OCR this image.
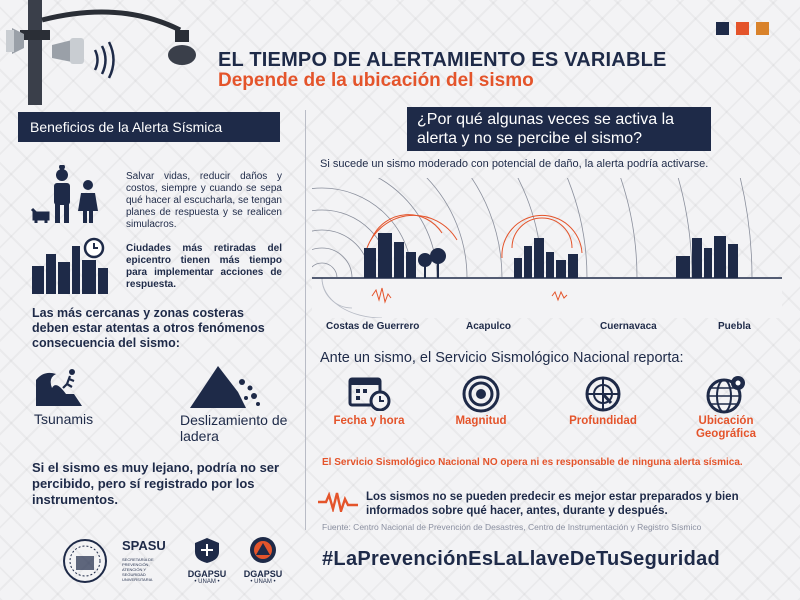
EL TIEMPO DE ALERTAMIENTO ES VARIABLE
Depende de la ubicación del sismo
Beneficios de la Alerta Sísmica
Salvar vidas, reducir daños y costos, siempre y cuando se sepa qué hacer al escucharla, se tengan planes de respuesta y se realicen simulacros.
Ciudades más retiradas del epicentro tienen más tiempo para implementar acciones de respuesta.
Las más cercanas y zonas costeras deben estar atentas a otros fenómenos consecuencia del sismo:
Tsunamis	Deslizamiento de ladera
Si el sismo es muy lejano, podría no ser percibido, pero sí registrado por los instrumentos.
SPASU
SECRETARÍA DE PREVENCIÓN, ATENCIÓN Y SEGURIDAD UNIVERSITARIA
DGAPSU
• UNAM •
DGAPSU
• UNAM •
¿Por qué algunas veces se activa la alerta y no se percibe el sismo?
Si sucede un sismo moderado con potencial de daño, la alerta podría activarse.
Costas de Guerrero	Acapulco	Cuernavaca	Puebla
Ante un sismo, el Servicio Sismológico Nacional reporta:
Fecha y hora	Magnitud	Profundidad	Ubicación Geográfica
El Servicio Sismológico Nacional NO opera ni es responsable de ninguna alerta sísmica.
Los sismos no se pueden predecir es mejor estar preparados y bien informados sobre qué hacer, antes, durante y después.
Fuente: Centro Nacional de Prevención de Desastres, Centro de Instrumentación y Registro Sísmico
#LaPrevenciónEsLaLlaveDeTuSeguridad
